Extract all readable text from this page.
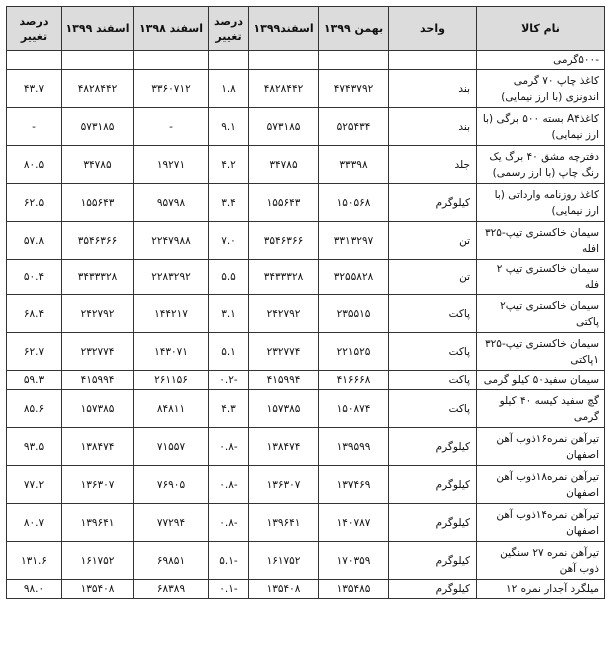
نام کالا	واحد	بهمن ۱۳۹۹	اسفند۱۳۹۹	درصد تغییر	اسفند ۱۳۹۸	اسفند ۱۳۹۹	درصد تغییر
-۵۰۰گرمی							
کاغذ چاپ ۷۰ گرمی اندونزی (با ارز نیمایی)	بند	۴۷۴۳۷۹۲	۴۸۲۸۴۴۲	۱.۸	۳۳۶۰۷۱۲	۴۸۲۸۴۴۲	۴۳.۷
کاغذA۴ بسته ۵۰۰ برگی (با ارز نیمایی)	بند	۵۲۵۴۳۴	۵۷۳۱۸۵	۹.۱	-	۵۷۳۱۸۵	-
دفترچه مشق ۴۰ برگ یک رنگ چاپ (با ارز رسمی)	جلد	۳۳۳۹۸	۳۴۷۸۵	۴.۲	۱۹۲۷۱	۳۴۷۸۵	۸۰.۵
کاغذ روزنامه وارداتی (با ارز نیمایی)	کیلوگرم	۱۵۰۵۶۸	۱۵۵۶۴۳	۳.۴	۹۵۷۹۸	۱۵۵۶۴۳	۶۲.۵
سیمان خاکستری تیپ-۳۲۵ افله	تن	۳۳۱۳۲۹۷	۳۵۴۶۳۶۶	۷.۰	۲۲۴۷۹۸۸	۳۵۴۶۳۶۶	۵۷.۸
سیمان خاکستری تیپ ۲ فله	تن	۳۲۵۵۸۲۸	۳۴۳۳۳۲۸	۵.۵	۲۲۸۳۲۹۲	۳۴۳۳۳۲۸	۵۰.۴
سیمان خاکستری تیپ۲ پاکتی	پاکت	۲۳۵۵۱۵	۲۴۲۷۹۲	۳.۱	۱۴۴۲۱۷	۲۴۲۷۹۲	۶۸.۴
سیمان خاکستری تیپ-۳۲۵ ۱پاکتی	پاکت	۲۲۱۵۲۵	۲۳۲۷۷۴	۵.۱	۱۴۳۰۷۱	۲۳۲۷۷۴	۶۲.۷
سیمان سفید۵۰ کیلو گرمی	پاکت	۴۱۶۶۶۸	۴۱۵۹۹۴	-۰.۲	۲۶۱۱۵۶	۴۱۵۹۹۴	۵۹.۳
گچ سفید کیسه ۴۰ کیلو گرمی	پاکت	۱۵۰۸۷۴	۱۵۷۳۸۵	۴.۳	۸۴۸۱۱	۱۵۷۳۸۵	۸۵.۶
تیرآهن نمره۱۶ذوب آهن اصفهان	کیلوگرم	۱۳۹۵۹۹	۱۳۸۴۷۴	-۰.۸	۷۱۵۵۷	۱۳۸۴۷۴	۹۳.۵
تیرآهن نمره۱۸ذوب آهن اصفهان	کیلوگرم	۱۳۷۴۶۹	۱۳۶۳۰۷	-۰.۸	۷۶۹۰۵	۱۳۶۳۰۷	۷۷.۲
تیرآهن نمره۱۴ذوب آهن اصفهان	کیلوگرم	۱۴۰۷۸۷	۱۳۹۶۴۱	-۰.۸	۷۷۲۹۴	۱۳۹۶۴۱	۸۰.۷
تیرآهن نمره ۲۷ سنگین ذوب آهن	کیلوگرم	۱۷۰۳۵۹	۱۶۱۷۵۲	-۵.۱	۶۹۸۵۱	۱۶۱۷۵۲	۱۳۱.۶
میلگرد آجدار نمره ۱۲	کیلوگرم	۱۳۵۴۸۵	۱۳۵۴۰۸	-۰.۱	۶۸۳۸۹	۱۳۵۴۰۸	۹۸.۰
